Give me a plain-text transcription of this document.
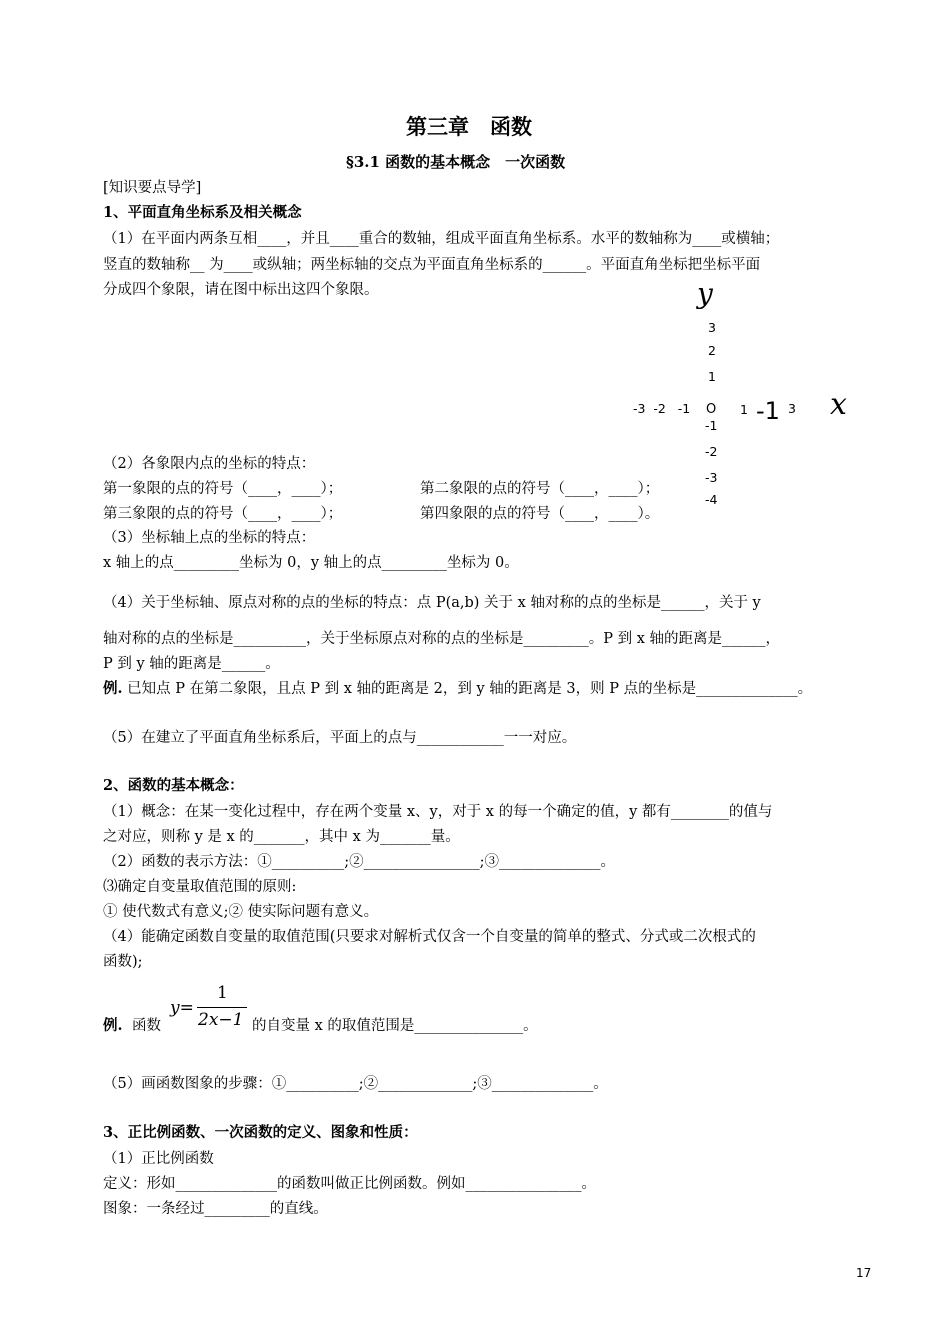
第三章　函数
§3.1 函数的基本概念　一次函数
[知识要点导学]
1、平面直角坐标系及相关概念
（1）在平面内两条互相____，并且____重合的数轴，组成平面直角坐标系。水平的数轴称为____或横轴；
竖直的数轴称__ 为____或纵轴；两坐标轴的交点为平面直角坐标系的______。平面直角坐标把坐标平面
分成四个象限，请在图中标出这四个象限。	y
3
2
1
-3  -2   -1 O 1 -1 3 x
-1
-2
-3
-4
（2）各象限内点的坐标的特点：
第一象限的点的符号（____，____）；	第二象限的点的符号（____，____）；
第三象限的点的符号（____，____）；	第四象限的点的符号（____，____）。
（3）坐标轴上点的坐标的特点：
x 轴上的点_________坐标为 0，y 轴上的点_________坐标为 0。
（4）关于坐标轴、原点对称的点的坐标的特点：点 P(a,b) 关于 x 轴对称的点的坐标是______，关于 y
轴对称的点的坐标是__________，关于坐标原点对称的点的坐标是_________。P 到 x 轴的距离是______，
P 到 y 轴的距离是______。
例. 已知点 P 在第二象限，且点 P 到 x 轴的距离是 2，到 y 轴的距离是 3，则 P 点的坐标是______________。
（5）在建立了平面直角坐标系后，平面上的点与____________一一对应。
2、函数的基本概念：
（1）概念：在某一变化过程中，存在两个变量 x、y，对于 x 的每一个确定的值，y 都有________的值与
之对应，则称 y 是 x 的_______，其中 x 为_______量。
（2）函数的表示方法：①__________;②________________;③______________。
⑶确定自变量取值范围的原则:
① 使代数式有意义;② 使实际问题有意义。
（4）能确定函数自变量的取值范围(只要求对解析式仅含一个自变量的简单的整式、分式或二次根式的
函数);
例. 函数
y=
1
2x−1 的自变量 x 的取值范围是_______________。
（5）画函数图象的步骤：①__________;②_____________;③______________。
3、正比例函数、一次函数的定义、图象和性质：
（1）正比例函数
定义：形如______________的函数叫做正比例函数。例如________________。
图象：一条经过_________的直线。
17
